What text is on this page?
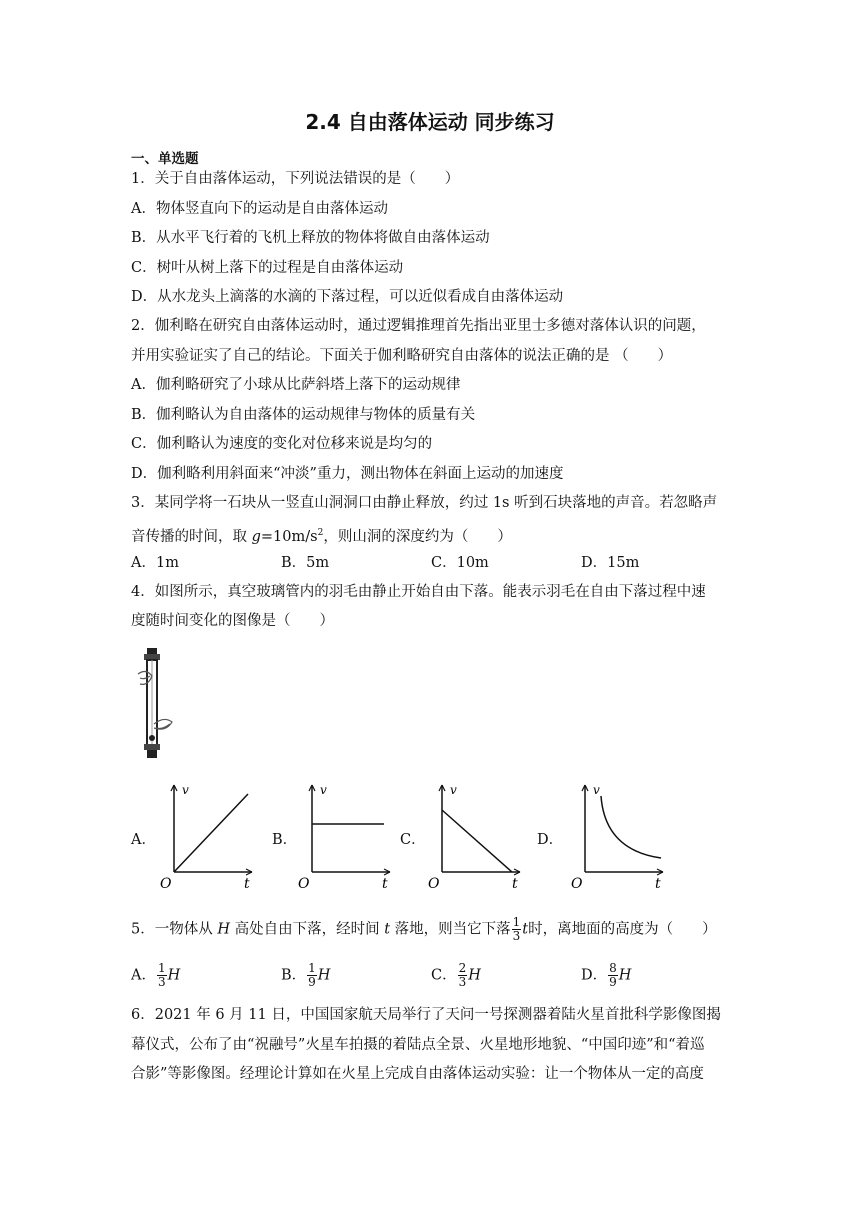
2.4 自由落体运动 同步练习
一、单选题
1．关于自由落体运动，下列说法错误的是（　　）
A．物体竖直向下的运动是自由落体运动
B．从水平飞行着的飞机上释放的物体将做自由落体运动
C．树叶从树上落下的过程是自由落体运动
D．从水龙头上滴落的水滴的下落过程，可以近似看成自由落体运动
2．伽利略在研究自由落体运动时，通过逻辑推理首先指出亚里士多德对落体认识的问题，
并用实验证实了自己的结论。下面关于伽利略研究自由落体的说法正确的是 （　　）
A．伽利略研究了小球从比萨斜塔上落下的运动规律
B．伽利略认为自由落体的运动规律与物体的质量有关
C．伽利略认为速度的变化对位移来说是均匀的
D．伽利略利用斜面来“冲淡”重力，测出物体在斜面上运动的加速度
3．某同学将一石块从一竖直山洞洞口由静止释放，约过 1s 听到石块落地的声音。若忽略声
音传播的时间，取 $g=10m/s^2$，则山洞的深度约为（　　）
A．1m	B．5m	C．10m	D．15m
4．如图所示，真空玻璃管内的羽毛由静止开始自由下落。能表示羽毛在自由下落过程中速
度随时间变化的图像是（　　）
A．
v
O	t
B．
v
O	t
C．
v
O	t
D．
v
O	t
5．一物体从 H 高处自由下落，经时间 t 落地，则当它下落 $\frac{1}{3}$ t时，离地面的高度为（　　）
A． $\frac{1}{3}$ H	B． $\frac{1}{9}$ H	C． $\frac{2}{3}$ H	D． $\frac{8}{9}$ H
6．2021 年 6 月 11 日，中国国家航天局举行了天问一号探测器着陆火星首批科学影像图揭
幕仪式，公布了由“祝融号”火星车拍摄的着陆点全景、火星地形地貌、“中国印迹”和“着巡
合影”等影像图。经理论计算如在火星上完成自由落体运动实验：让一个物体从一定的高度
